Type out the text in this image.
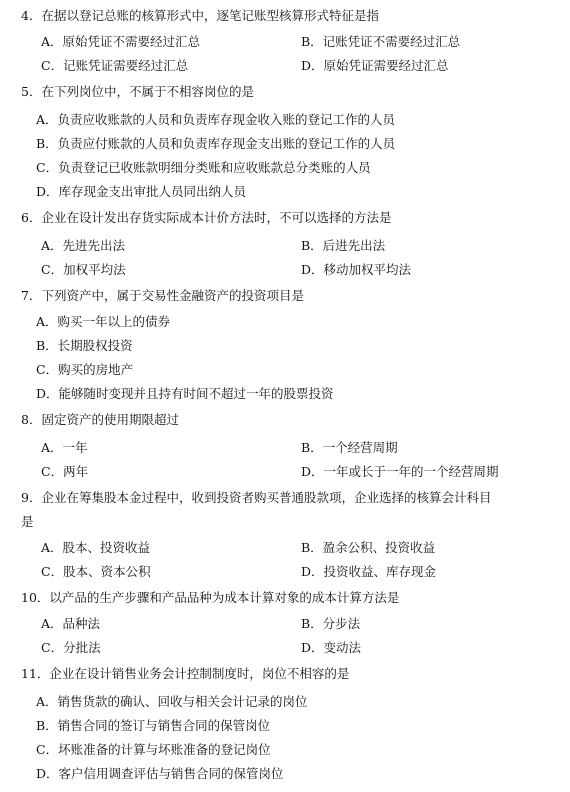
4．在据以登记总账的核算形式中，逐笔记账型核算形式特征是指
A．原始凭证不需要经过汇总	B．记账凭证不需要经过汇总
C．记账凭证需要经过汇总	D．原始凭证需要经过汇总
5．在下列岗位中，不属于不相容岗位的是
A．负责应收账款的人员和负责库存现金收入账的登记工作的人员
B．负责应付账款的人员和负责库存现金支出账的登记工作的人员
C．负责登记已收账款明细分类账和应收账款总分类账的人员
D．库存现金支出审批人员同出纳人员
6．企业在设计发出存货实际成本计价方法时，不可以选择的方法是
A．先进先出法	B．后进先出法
C．加权平均法	D．移动加权平均法
7．下列资产中，属于交易性金融资产的投资项目是
A．购买一年以上的债券
B．长期股权投资
C．购买的房地产
D．能够随时变现并且持有时间不超过一年的股票投资
8．固定资产的使用期限超过
A．一年	B．一个经营周期
C．两年	D．一年或长于一年的一个经营周期
9．企业在筹集股本金过程中，收到投资者购买普通股款项，企业选择的核算会计科目
是
A．股本、投资收益	B．盈余公积、投资收益
C．股本、资本公积	D．投资收益、库存现金
10．以产品的生产步骤和产品品种为成本计算对象的成本计算方法是
A．品种法	B．分步法
C．分批法	D．变动法
11．企业在设计销售业务会计控制制度时，岗位不相容的是
A．销售货款的确认、回收与相关会计记录的岗位
B．销售合同的签订与销售合同的保管岗位
C．坏账准备的计算与坏账准备的登记岗位
D．客户信用调查评估与销售合同的保管岗位
